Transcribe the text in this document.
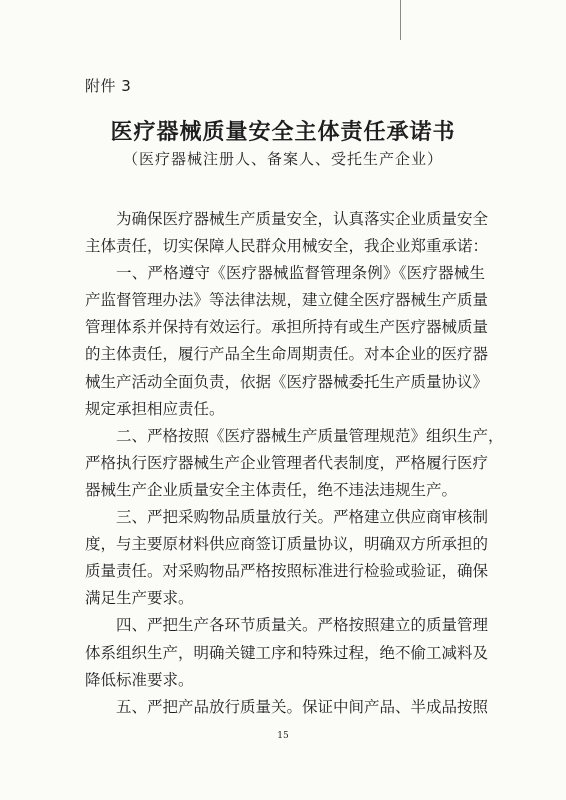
附件 3
医疗器械质量安全主体责任承诺书
（医疗器械注册人、备案人、受托生产企业）
为确保医疗器械生产质量安全，认真落实企业质量安全
主体责任，切实保障人民群众用械安全，我企业郑重承诺：
一、严格遵守《医疗器械监督管理条例》《医疗器械生
产监督管理办法》等法律法规，建立健全医疗器械生产质量
管理体系并保持有效运行。承担所持有或生产医疗器械质量
的主体责任，履行产品全生命周期责任。对本企业的医疗器
械生产活动全面负责，依据《医疗器械委托生产质量协议》
规定承担相应责任。
二、严格按照《医疗器械生产质量管理规范》组织生产，
严格执行医疗器械生产企业管理者代表制度，严格履行医疗
器械生产企业质量安全主体责任，绝不违法违规生产。
三、严把采购物品质量放行关。严格建立供应商审核制
度，与主要原材料供应商签订质量协议，明确双方所承担的
质量责任。对采购物品严格按照标准进行检验或验证，确保
满足生产要求。
四、严把生产各环节质量关。严格按照建立的质量管理
体系组织生产，明确关键工序和特殊过程，绝不偷工减料及
降低标准要求。
五、严把产品放行质量关。保证中间产品、半成品按照
15
